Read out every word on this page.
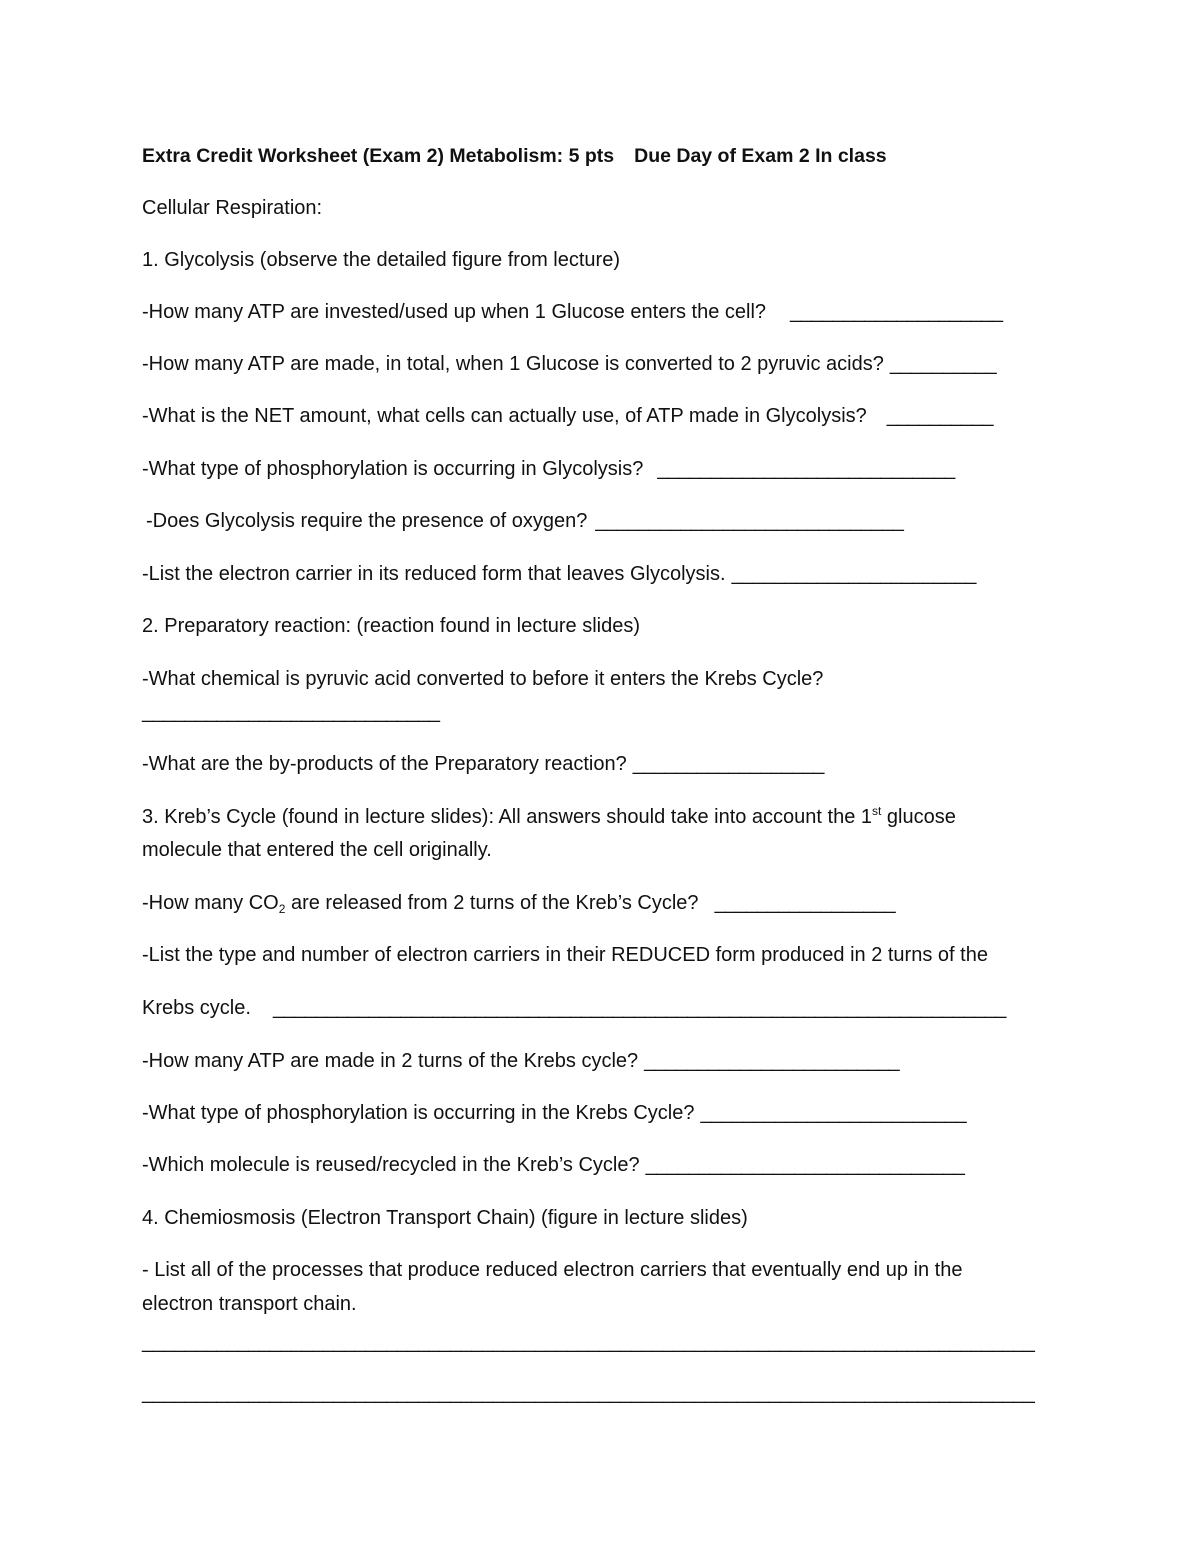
Extra Credit Worksheet (Exam 2) Metabolism: 5 pts Due Day of Exam 2 In class
Cellular Respiration:
1. Glycolysis (observe the detailed figure from lecture)
-How many ATP are invested/used up when 1 Glucose enters the cell? ____________________
-How many ATP are made, in total, when 1 Glucose is converted to 2 pyruvic acids? __________
-What is the NET amount, what cells can actually use, of ATP made in Glycolysis? __________
-What type of phosphorylation is occurring in Glycolysis? ____________________________
-Does Glycolysis require the presence of oxygen? _____________________________
-List the electron carrier in its reduced form that leaves Glycolysis. _______________________
2. Preparatory reaction: (reaction found in lecture slides)
-What chemical is pyruvic acid converted to before it enters the Krebs Cycle?
____________________________
-What are the by-products of the Preparatory reaction? __________________
3. Kreb’s Cycle (found in lecture slides): All answers should take into account the 1st glucose
molecule that entered the cell originally.
-How many $CO_2$ are released from 2 turns of the Kreb’s Cycle? _________________
-List the type and number of electron carriers in their REDUCED form produced in 2 turns of the
Krebs cycle. _____________________________________________________________________
-How many ATP are made in 2 turns of the Krebs cycle? ________________________
-What type of phosphorylation is occurring in the Krebs Cycle? _________________________
-Which molecule is reused/recycled in the Kreb’s Cycle? ______________________________
4. Chemiosmosis (Electron Transport Chain) (figure in lecture slides)
- List all of the processes that produce reduced electron carriers that eventually end up in the
electron transport chain.
____________________________________________________________________________________
____________________________________________________________________________________
